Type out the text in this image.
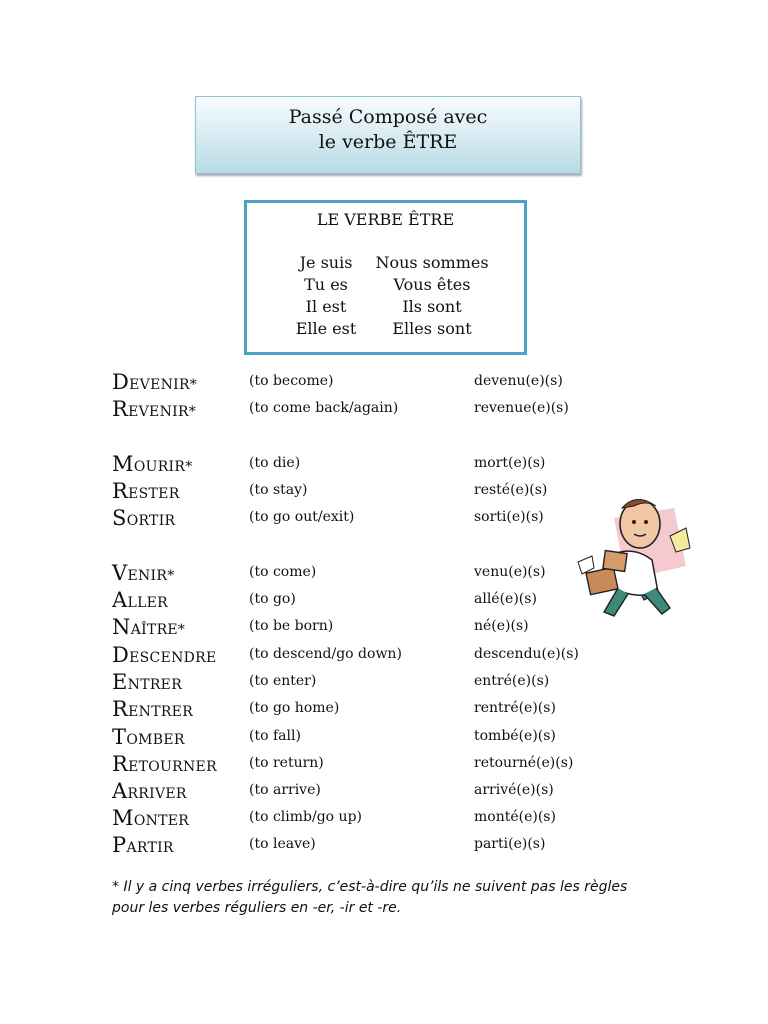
Passé Composé avec
le verbe ÊTRE
LE VERBE ÊTRE
Je suis Nous sommes
Tu es	Vous êtes
Il est	Ils sont
Elle est	Elles sont
DEVENIR*	(to become)	devenu(e)(s)
REVENIR*	(to come back/again)	revenue(e)(s)
MOURIR*	(to die)	mort(e)(s)
RESTER	(to stay)	resté(e)(s)
SORTIR	(to go out/exit)	sorti(e)(s)
VENIR*	(to come)	venu(e)(s)
ALLER	(to go)	allé(e)(s)
NAÎTRE*	(to be born)	né(e)(s)
DESCENDRE (to descend/go down)	descendu(e)(s)
ENTRER	(to enter)	entré(e)(s)
RENTRER	(to go home)	rentré(e)(s)
TOMBER	(to fall)	tombé(e)(s)
RETOURNER (to return)	retourné(e)(s)
ARRIVER	(to arrive)	arrivé(e)(s)
MONTER	(to climb/go up)	monté(e)(s)
PARTIR	(to leave)	parti(e)(s)
* Il y a cinq verbes irréguliers, c’est-à-dire qu’ils ne suivent pas les règles
pour les verbes réguliers en -er, -ir et -re.
